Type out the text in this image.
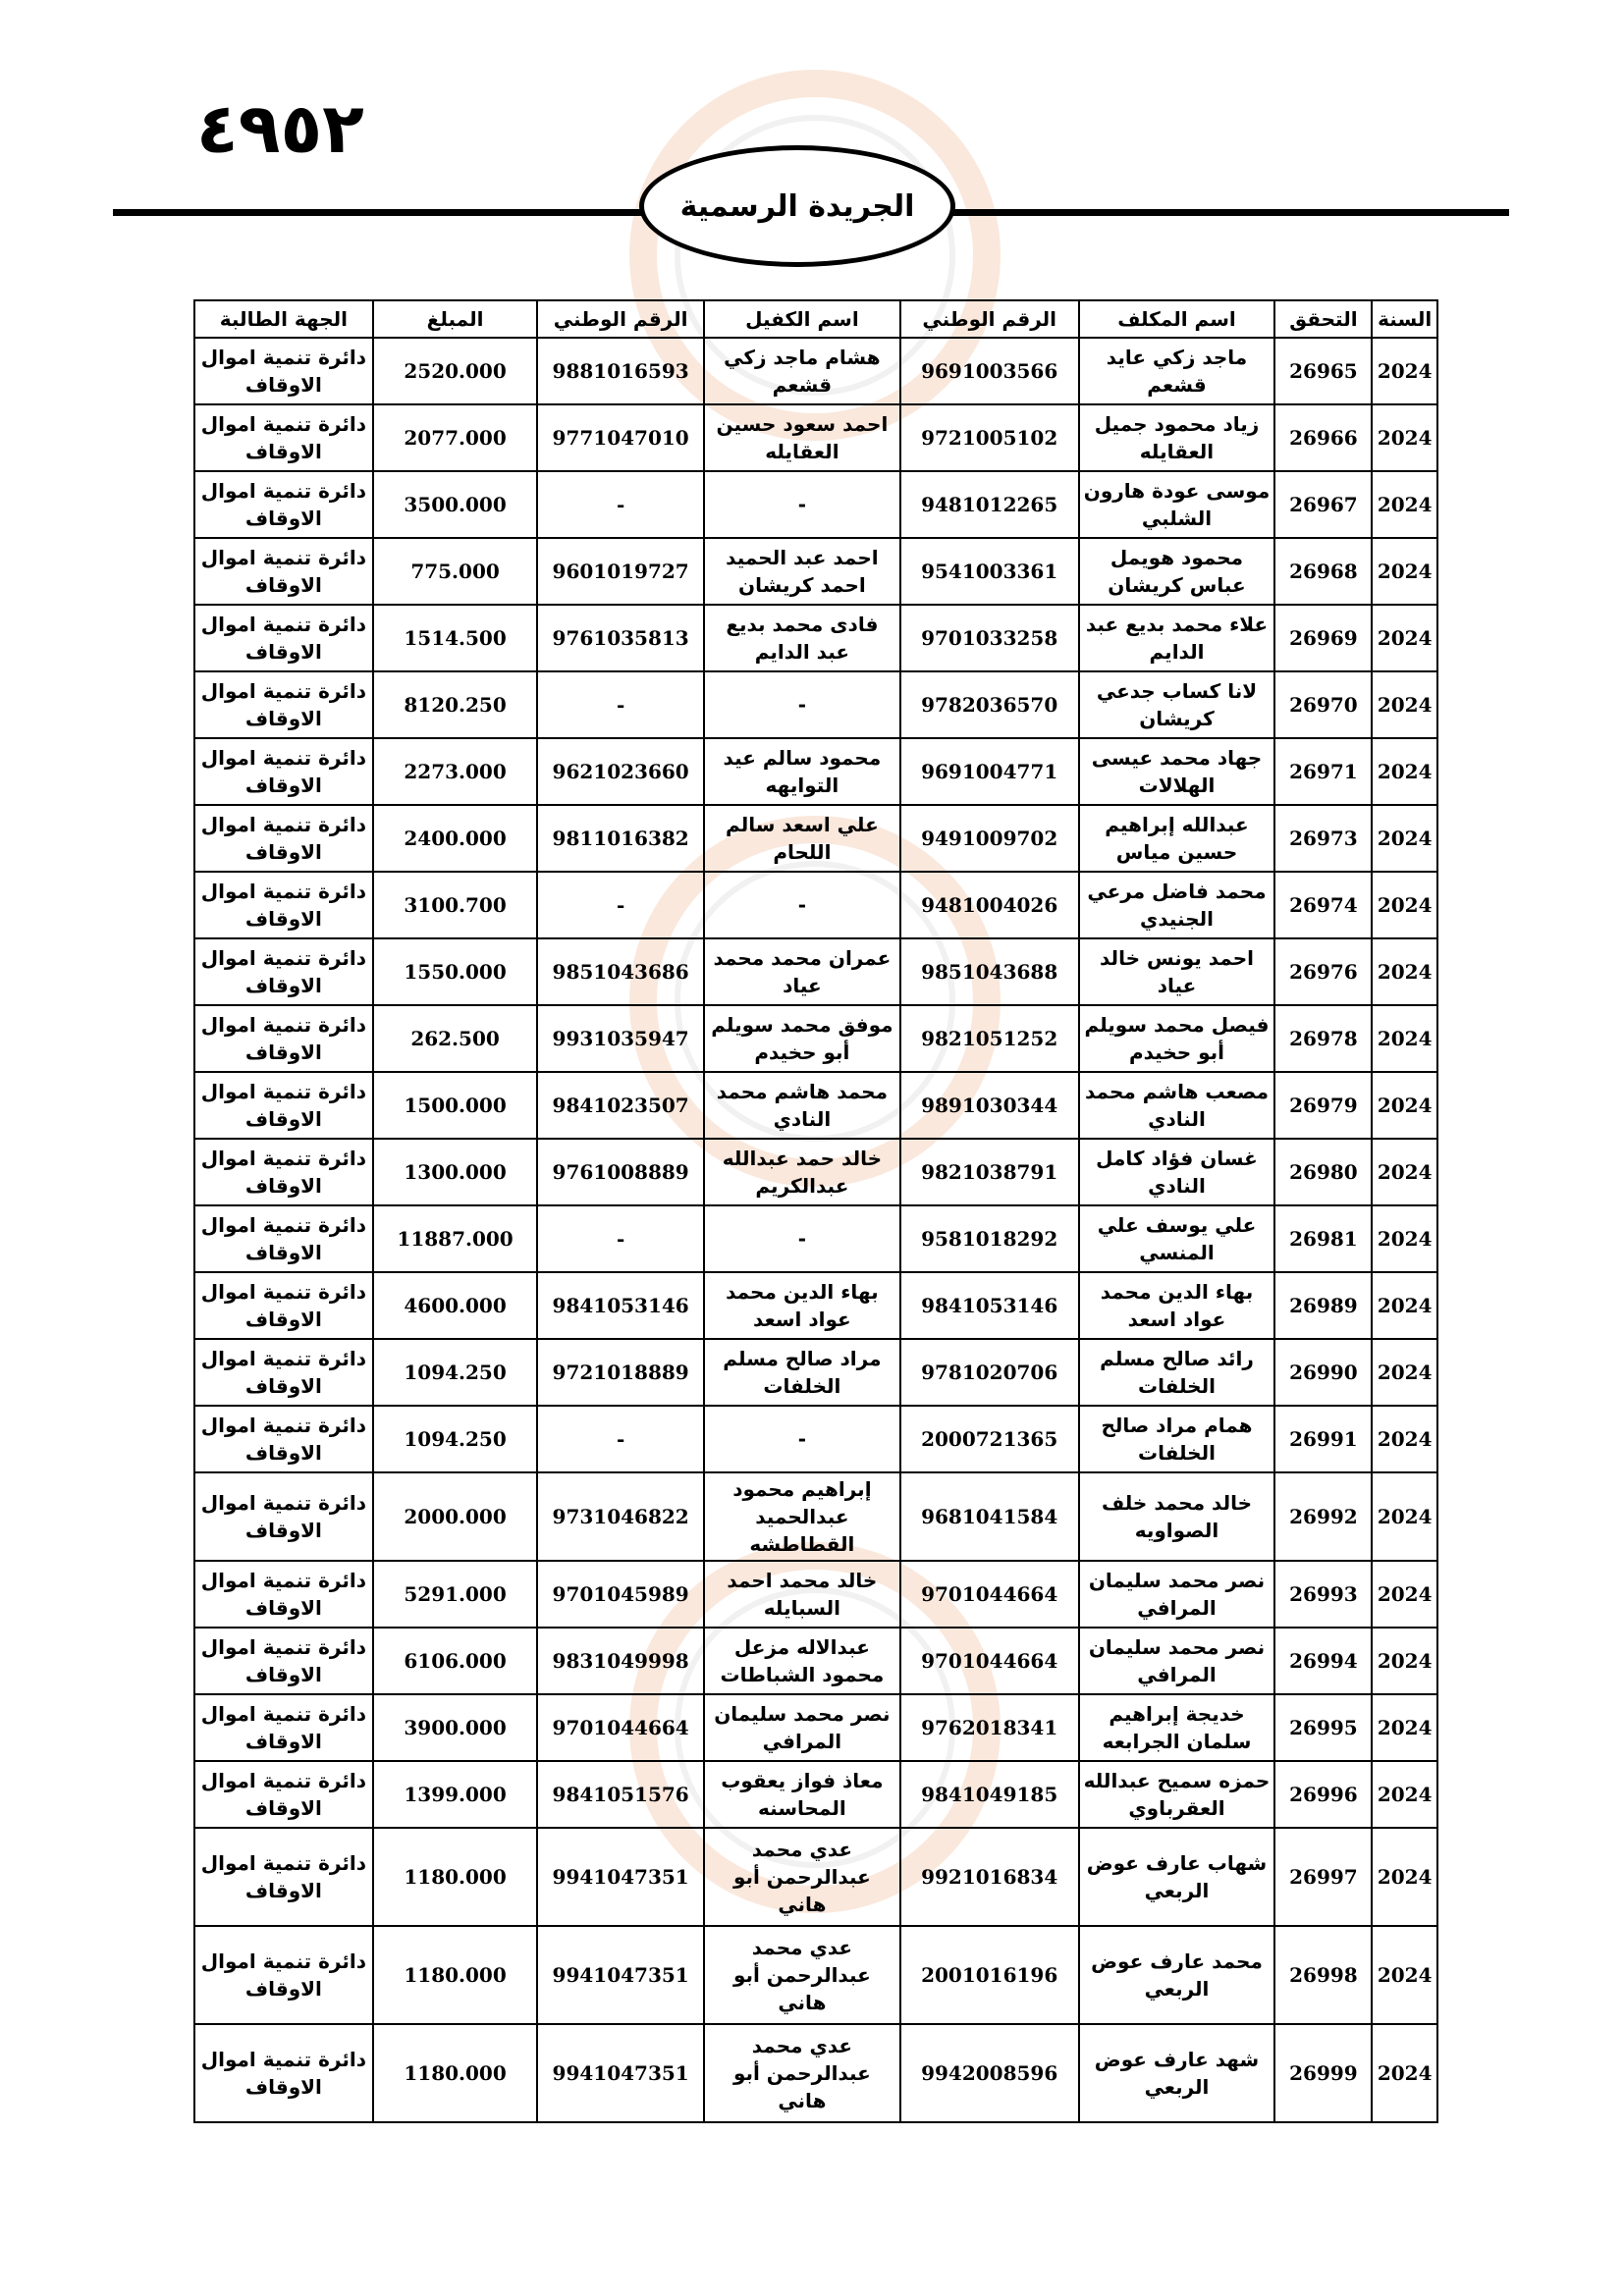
٤٩٥٢
الجريدة الرسمية
السنة	التحقق	اسم المكلف	الرقم الوطني	اسم الكفيل	الرقم الوطني	المبلغ	الجهة الطالبة
2024	26965	ماجد زكي عايد قشعم	9691003566	هشام ماجد زكي قشعم	9881016593	2520.000	دائرة تنمية اموال الاوقاف
2024	26966	زياد محمود جميل العقايله	9721005102	احمد سعود حسين العقايله	9771047010	2077.000	دائرة تنمية اموال الاوقاف
2024	26967	موسى عودة هارون الشلبي	9481012265	-	-	3500.000	دائرة تنمية اموال الاوقاف
2024	26968	محمود هويمل عباس كريشان	9541003361	احمد عبد الحميد احمد كريشان	9601019727	775.000	دائرة تنمية اموال الاوقاف
2024	26969	علاء محمد بديع عبد الدايم	9701033258	فادى محمد بديع عبد الدايم	9761035813	1514.500	دائرة تنمية اموال الاوقاف
2024	26970	لانا كساب جدعي كريشان	9782036570	-	-	8120.250	دائرة تنمية اموال الاوقاف
2024	26971	جهاد محمد عيسى الهلالات	9691004771	محمود سالم عيد التوايهه	9621023660	2273.000	دائرة تنمية اموال الاوقاف
2024	26973	عبدالله إبراهيم حسين مياس	9491009702	علي اسعد سالم اللحام	9811016382	2400.000	دائرة تنمية اموال الاوقاف
2024	26974	محمد فاضل مرعي الجنيدي	9481004026	-	-	3100.700	دائرة تنمية اموال الاوقاف
2024	26976	احمد يونس خالد عياد	9851043688	عمران محمد محمد عياد	9851043686	1550.000	دائرة تنمية اموال الاوقاف
2024	26978	فيصل محمد سويلم أبو حخيدم	9821051252	موفق محمد سويلم أبو حخيدم	9931035947	262.500	دائرة تنمية اموال الاوقاف
2024	26979	مصعب هاشم محمد النادي	9891030344	محمد هاشم محمد النادي	9841023507	1500.000	دائرة تنمية اموال الاوقاف
2024	26980	غسان فؤاد كامل النادي	9821038791	خالد حمد عبدالله عبدالكريم	9761008889	1300.000	دائرة تنمية اموال الاوقاف
2024	26981	علي يوسف علي المنسي	9581018292	-	-	11887.000	دائرة تنمية اموال الاوقاف
2024	26989	بهاء الدين محمد عواد اسعد	9841053146	بهاء الدين محمد عواد اسعد	9841053146	4600.000	دائرة تنمية اموال الاوقاف
2024	26990	رائد صالح مسلم الخلفات	9781020706	مراد صالح مسلم الخلفات	9721018889	1094.250	دائرة تنمية اموال الاوقاف
2024	26991	همام مراد صالح الخلفات	2000721365	-	-	1094.250	دائرة تنمية اموال الاوقاف
2024	26992	خالد محمد خلف الصواويه	9681041584	إبراهيم محمود عبدالحميد القطاطشه	9731046822	2000.000	دائرة تنمية اموال الاوقاف
2024	26993	نصر محمد سليمان المرافي	9701044664	خالد محمد احمد السبايله	9701045989	5291.000	دائرة تنمية اموال الاوقاف
2024	26994	نصر محمد سليمان المرافي	9701044664	عبدالاله مزعل محمود الشباطات	9831049998	6106.000	دائرة تنمية اموال الاوقاف
2024	26995	خديجة إبراهيم سلمان الجرابعه	9762018341	نصر محمد سليمان المرافي	9701044664	3900.000	دائرة تنمية اموال الاوقاف
2024	26996	حمزه سميح عبدالله العقرباوي	9841049185	معاذ فواز يعقوب المحاسنه	9841051576	1399.000	دائرة تنمية اموال الاوقاف
2024	26997	شهاب عارف عوض الربعي	9921016834	عدي محمد عبدالرحمن أبو هاني	9941047351	1180.000	دائرة تنمية اموال الاوقاف
2024	26998	محمد عارف عوض الربعي	2001016196	عدي محمد عبدالرحمن أبو هاني	9941047351	1180.000	دائرة تنمية اموال الاوقاف
2024	26999	شهد عارف عوض الربعي	9942008596	عدي محمد عبدالرحمن أبو هاني	9941047351	1180.000	دائرة تنمية اموال الاوقاف
